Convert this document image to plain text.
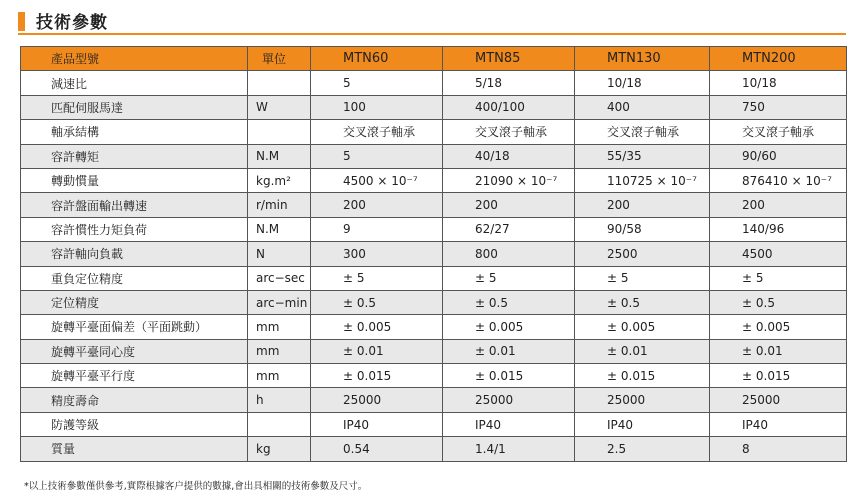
技術參數
產品型號	單位	MTN60	MTN85	MTN130	MTN200
減速比		5	5/18	10/18	10/18
匹配伺服馬達	W	100	400/100	400	750
軸承結構		交叉滾子軸承	交叉滾子軸承	交叉滾子軸承	交叉滾子軸承
容許轉矩	N.M	5	40/18	55/35	90/60
轉動慣量	kg.m²	4500 × 10⁻⁷	21090 × 10⁻⁷	110725 × 10⁻⁷	876410 × 10⁻⁷
容許盤面輸出轉速	r/min	200	200	200	200
容許慣性力矩負荷	N.M	9	62/27	90/58	140/96
容許軸向負載	N	300	800	2500	4500
重負定位精度	arc−sec	± 5	± 5	± 5	± 5
定位精度	arc−min	± 0.5	± 0.5	± 0.5	± 0.5
旋轉平臺面偏差（平面跳動）	mm	± 0.005	± 0.005	± 0.005	± 0.005
旋轉平臺同心度	mm	± 0.01	± 0.01	± 0.01	± 0.01
旋轉平臺平行度	mm	± 0.015	± 0.015	± 0.015	± 0.015
精度壽命	h	25000	25000	25000	25000
防護等級		IP40	IP40	IP40	IP40
質量	kg	0.54	1.4/1	2.5	8
*以上技術參數僅供參考,實際根據客户提供的數據,會出具相關的技術參數及尺寸。
